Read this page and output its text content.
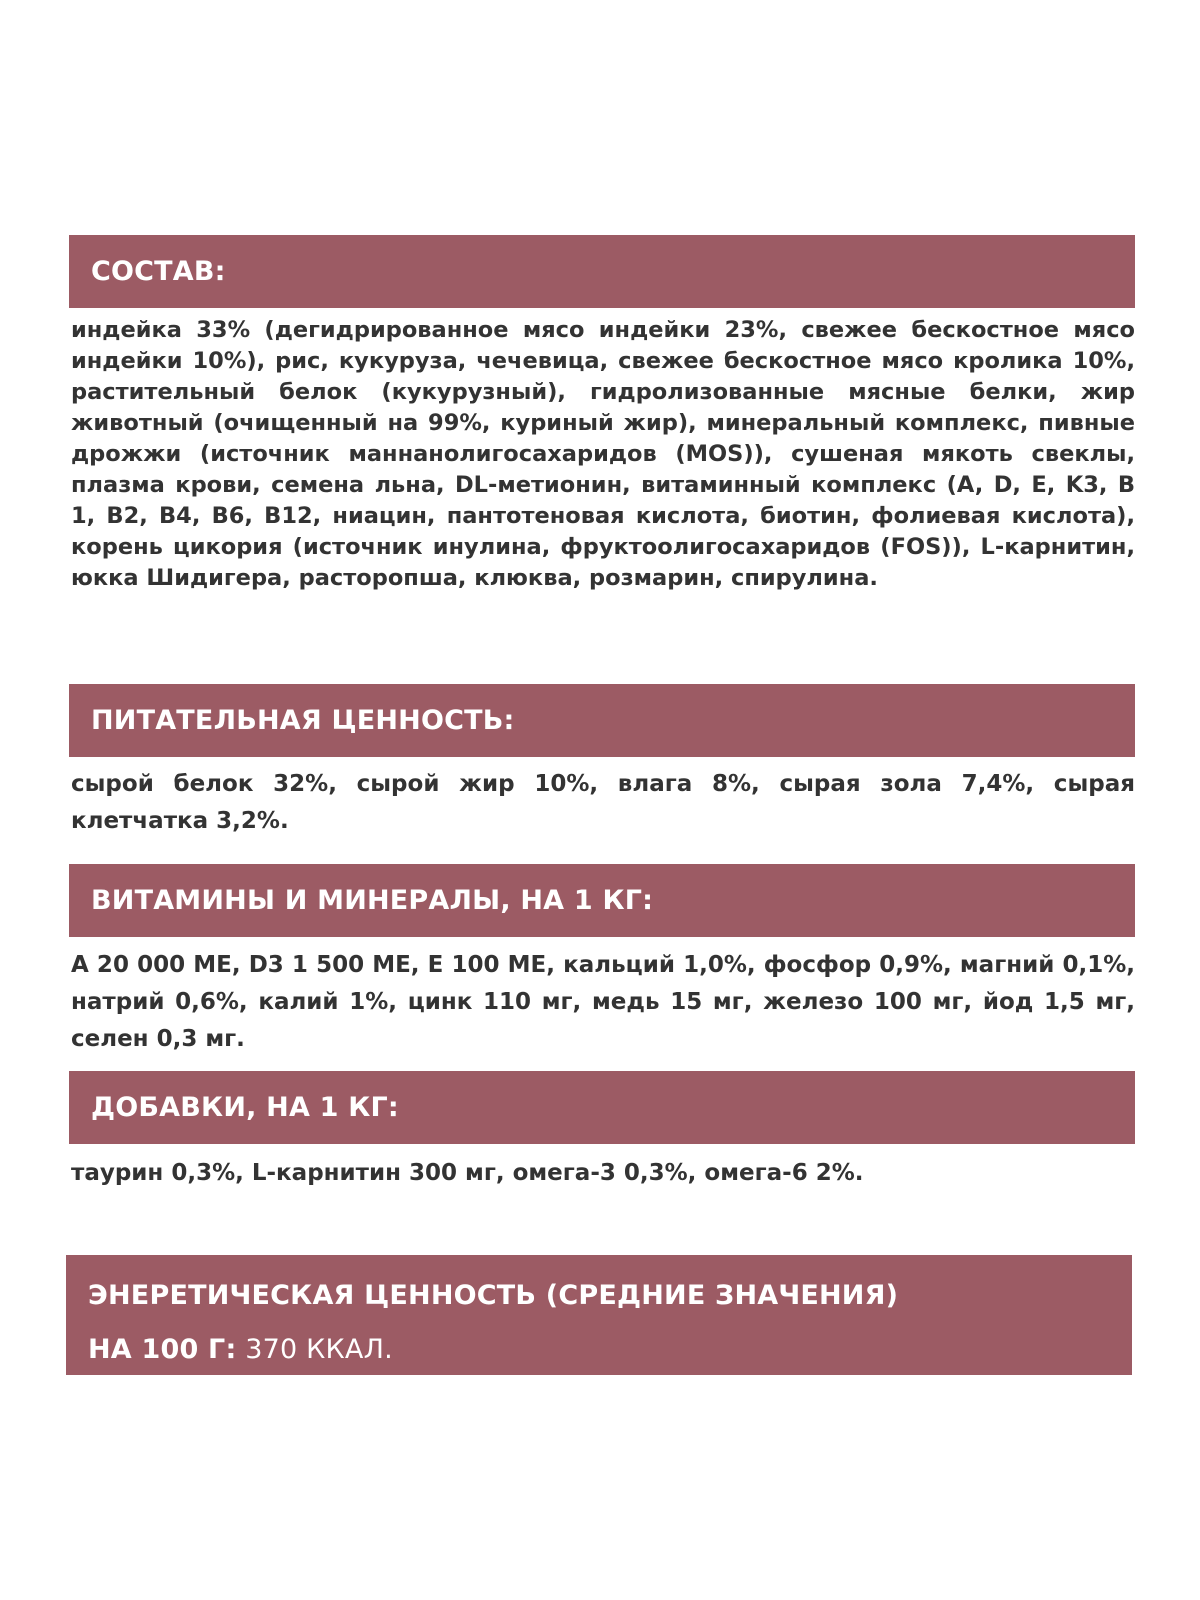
СОСТАВ:

индейка 33% (дегидрированное мясо индейки 23%, свежее бескостное мясо индейки 10%), рис, кукуруза, чечевица, свежее бескостное мясо кролика 10%, растительный белок (кукурузный), гидролизованные мясные белки, жир животный (очищенный на 99%, куриный жир), минеральный комплекс, пивные дрожжи (источник маннанолигосахаридов (MOS)), сушеная мякоть свеклы, плазма крови, семена льна, DL-метионин, витаминный комплекс (A, D, E, K3, B 1, B2, B4, B6, B12, ниацин, пантотеновая кислота, биотин, фолиевая кислота), корень цикория (источник инулина, фруктоолигосахаридов (FOS)), L-карнитин, юкка Шидигера, расторопша, клюква, розмарин, спирулина.

ПИТАТЕЛЬНАЯ ЦЕННОСТЬ:

сырой белок 32%, сырой жир 10%, влага 8%, сырая зола 7,4%, сырая клетчатка 3,2%.

ВИТАМИНЫ И МИНЕРАЛЫ, НА 1 КГ:

А 20 000 МЕ, D3 1 500 МЕ, Е 100 МЕ, кальций 1,0%, фосфор 0,9%, магний 0,1%, натрий 0,6%, калий 1%, цинк 110 мг, медь 15 мг, железо 100 мг, йод 1,5 мг, селен 0,3 мг.

ДОБАВКИ, НА 1 КГ:

таурин 0,3%, L-карнитин 300 мг, омега-3 0,3%, омега-6 2%.

ЭНЕРЕТИЧЕСКАЯ ЦЕННОСТЬ (СРЕДНИЕ ЗНАЧЕНИЯ)
НА 100 Г: 370 ККАЛ.
